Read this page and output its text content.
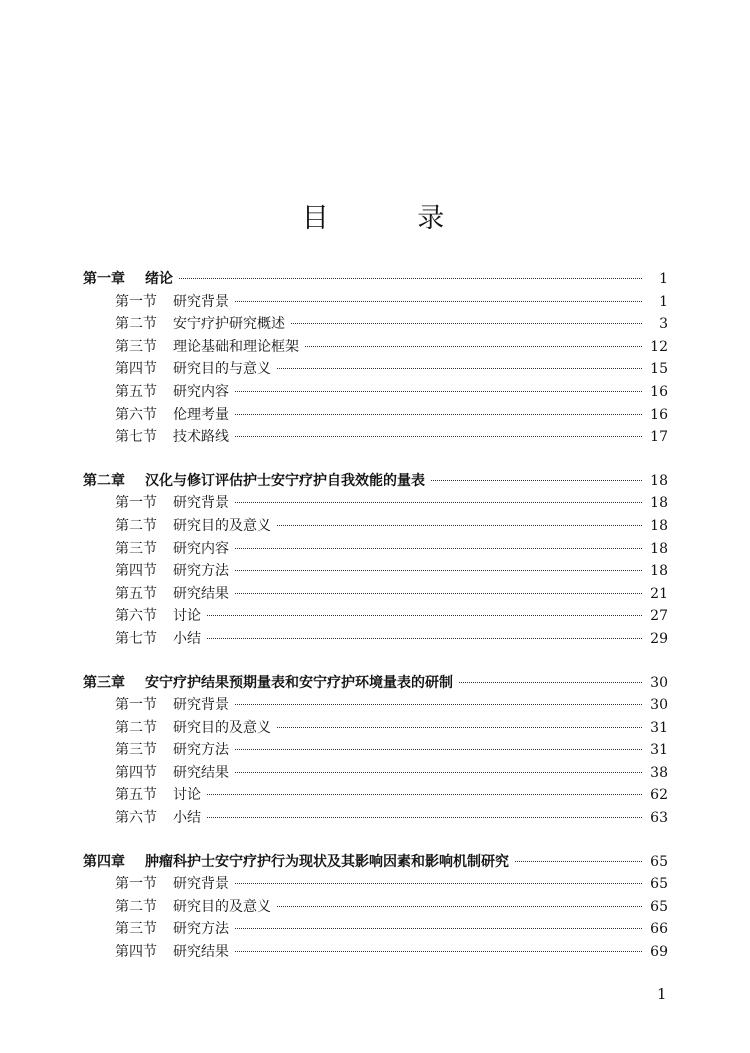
目 录
第一章	绪论	1
第一节	研究背景	1
第二节	安宁疗护研究概述	3
第三节	理论基础和理论框架	12
第四节	研究目的与意义	15
第五节	研究内容	16
第六节	伦理考量	16
第七节	技术路线	17
第二章	汉化与修订评估护士安宁疗护自我效能的量表	18
第一节	研究背景	18
第二节	研究目的及意义	18
第三节	研究内容	18
第四节	研究方法	18
第五节	研究结果	21
第六节	讨论	27
第七节	小结	29
第三章	安宁疗护结果预期量表和安宁疗护环境量表的研制	30
第一节	研究背景	30
第二节	研究目的及意义	31
第三节	研究方法	31
第四节	研究结果	38
第五节	讨论	62
第六节	小结	63
第四章	肿瘤科护士安宁疗护行为现状及其影响因素和影响机制研究	65
第一节	研究背景	65
第二节	研究目的及意义	65
第三节	研究方法	66
第四节	研究结果	69
1
